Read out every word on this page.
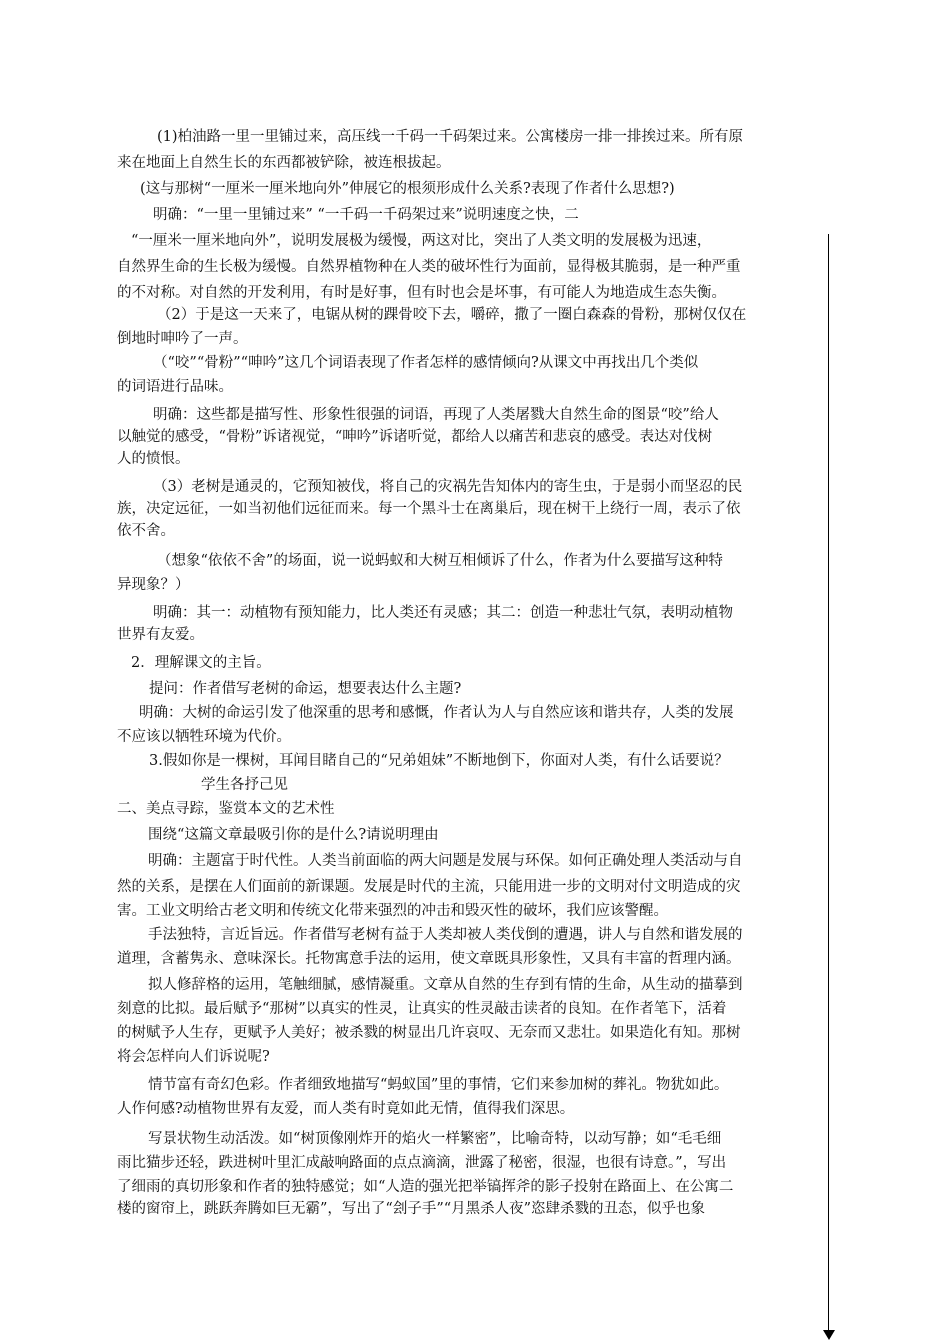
(1)柏油路一里一里铺过来，高压线一千码一千码架过来。公寓楼房一排一排挨过来。所有原
来在地面上自然生长的东西都被铲除，被连根拔起。
(这与那树“一厘米一厘米地向外”伸展它的根须形成什么关系?表现了作者什么思想?)
明确：“一里一里铺过来” “一千码一千码架过来”说明速度之快，二
“一厘米一厘米地向外”，说明发展极为缓慢，两这对比，突出了人类文明的发展极为迅速，
自然界生命的生长极为缓慢。自然界植物种在人类的破坏性行为面前，显得极其脆弱，是一种严重
的不对称。对自然的开发利用，有时是好事，但有时也会是坏事，有可能人为地造成生态失衡。
（2）于是这一天来了，电锯从树的踝骨咬下去，嚼碎，撒了一圈白森森的骨粉，那树仅仅在
倒地时呻吟了一声。
（“咬”“骨粉”“呻吟”这几个词语表现了作者怎样的感情倾向?从课文中再找出几个类似
的词语进行品味。
明确：这些都是描写性、形象性很强的词语，再现了人类屠戮大自然生命的图景“咬”给人
以触觉的感受，“骨粉”诉诸视觉，“呻吟”诉诸听觉，都给人以痛苦和悲哀的感受。表达对伐树
人的愤恨。
（3）老树是通灵的，它预知被伐，将自己的灾祸先告知体内的寄生虫，于是弱小而坚忍的民
族，决定远征，一如当初他们远征而来。每一个黑斗士在离巢后，现在树干上绕行一周，表示了依
依不舍。
（想象“依依不舍”的场面，说一说蚂蚁和大树互相倾诉了什么，作者为什么要描写这种特
异现象？）
明确：其一：动植物有预知能力，比人类还有灵感；其二：创造一种悲壮气氛，表明动植物
世界有友爱。
2．理解课文的主旨。
提问：作者借写老树的命运，想要表达什么主题?
明确：大树的命运引发了他深重的思考和感慨，作者认为人与自然应该和谐共存，人类的发展
不应该以牺牲环境为代价。
3.假如你是一棵树，耳闻目睹自己的“兄弟姐妹”不断地倒下，你面对人类，有什么话要说？
学生各抒己见
二、美点寻踪，鉴赏本文的艺术性
围绕“这篇文章最吸引你的是什么?请说明理由
明确：主题富于时代性。人类当前面临的两大问题是发展与环保。如何正确处理人类活动与自
然的关系，是摆在人们面前的新课题。发展是时代的主流，只能用进一步的文明对付文明造成的灾
害。工业文明给古老文明和传统文化带来强烈的冲击和毁灭性的破坏，我们应该警醒。
手法独特，言近旨远。作者借写老树有益于人类却被人类伐倒的遭遇，讲人与自然和谐发展的
道理，含蓄隽永、意味深长。托物寓意手法的运用，使文章既具形象性，又具有丰富的哲理内涵。
拟人修辞格的运用，笔触细腻，感情凝重。文章从自然的生存到有情的生命，从生动的描摹到
刻意的比拟。最后赋予“那树”以真实的性灵，让真实的性灵敲击读者的良知。在作者笔下，活着
的树赋予人生存，更赋予人美好；被杀戮的树显出几许哀叹、无奈而又悲壮。如果造化有知。那树
将会怎样向人们诉说呢?
情节富有奇幻色彩。作者细致地描写“蚂蚁国”里的事情，它们来参加树的葬礼。物犹如此。
人作何感?动植物世界有友爱，而人类有时竟如此无情，值得我们深思。
写景状物生动活泼。如“树顶像刚炸开的焰火一样繁密”，比喻奇特，以动写静；如“毛毛细
雨比猫步还轻，跌进树叶里汇成敲响路面的点点滴滴，泄露了秘密，很湿，也很有诗意。”，写出
了细雨的真切形象和作者的独特感觉；如“人造的强光把举镐挥斧的影子投射在路面上、在公寓二
楼的窗帘上，跳跃奔腾如巨无霸”，写出了“刽子手”“月黑杀人夜”恣肆杀戮的丑态，似乎也象
